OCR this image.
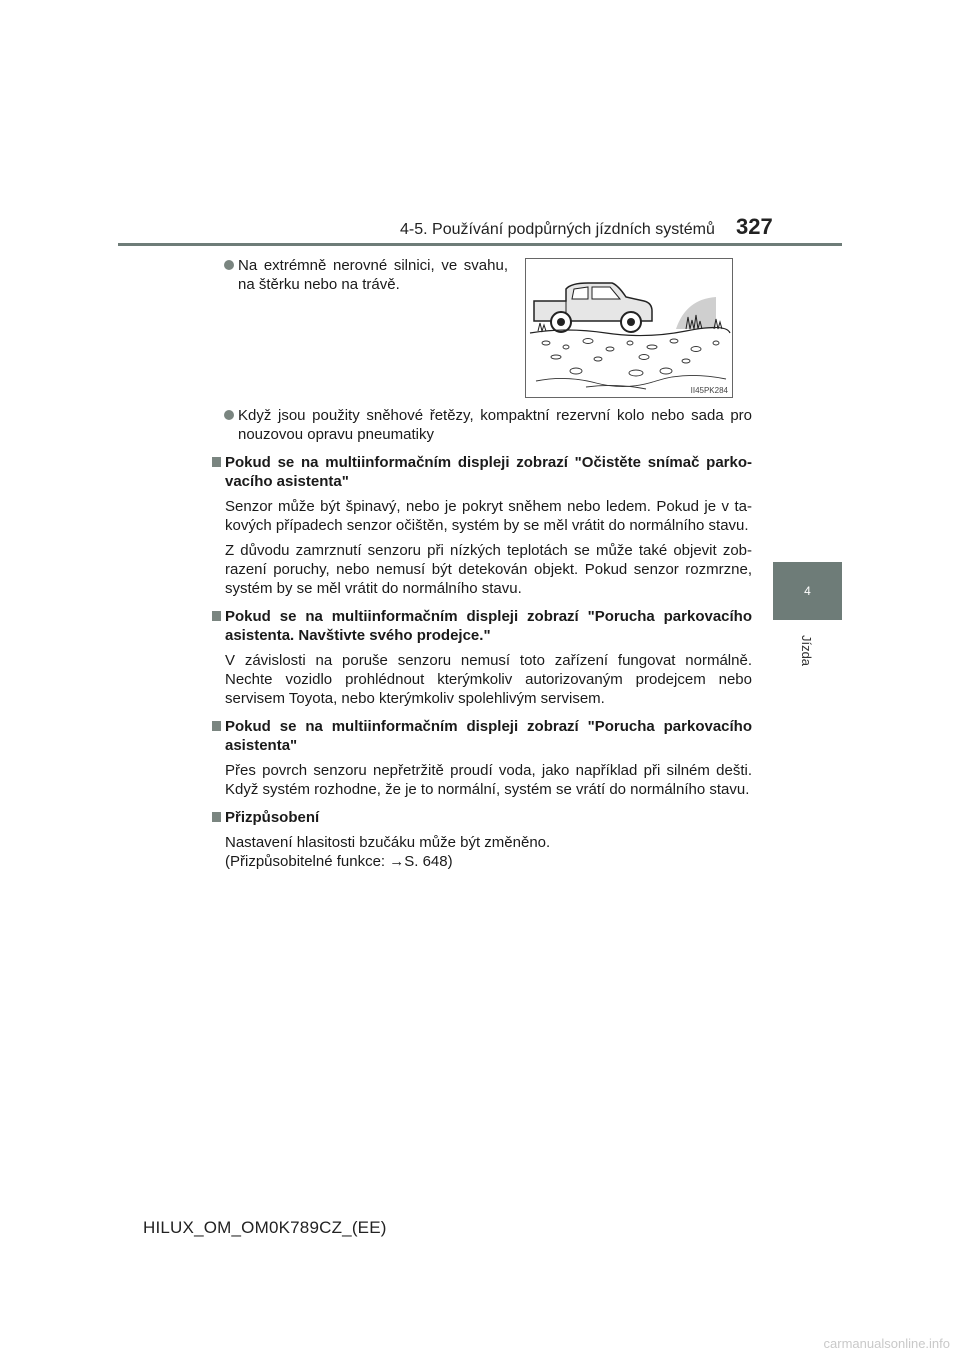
4-5. Používání podpůrných jízdních systémů 327
4
Jízda
II45PK284
Na extrémně nerovné silnici, ve svahu, na štěrku nebo na trávě.
Když jsou použity sněhové řetězy, kompaktní rezervní kolo nebo sada pro nouzovou opravu pneumatiky
Pokud se na multiinformačním displeji zobrazí "Očistěte snímač parko-vacího asistenta"
Senzor může být špinavý, nebo je pokryt sněhem nebo ledem. Pokud je v ta-kových případech senzor očištěn, systém by se měl vrátit do normálního stavu.
Z důvodu zamrznutí senzoru při nízkých teplotách se může také objevit zob-razení poruchy, nebo nemusí být detekován objekt. Pokud senzor rozmrzne, systém by se měl vrátit do normálního stavu.
Pokud se na multiinformačním displeji zobrazí "Porucha parkovacího asistenta. Navštivte svého prodejce."
V závislosti na poruše senzoru nemusí toto zařízení fungovat normálně. Nechte vozidlo prohlédnout kterýmkoliv autorizovaným prodejcem nebo servisem Toyota, nebo kterýmkoliv spolehlivým servisem.
Pokud se na multiinformačním displeji zobrazí "Porucha parkovacího asistenta"
Přes povrch senzoru nepřetržitě proudí voda, jako například při silném dešti. Když systém rozhodne, že je to normální, systém se vrátí do normálního stavu.
Přizpůsobení
Nastavení hlasitosti bzučáku může být změněno.
(Přizpůsobitelné funkce: →S. 648)
HILUX_OM_OM0K789CZ_(EE)
carmanualsonline.info
